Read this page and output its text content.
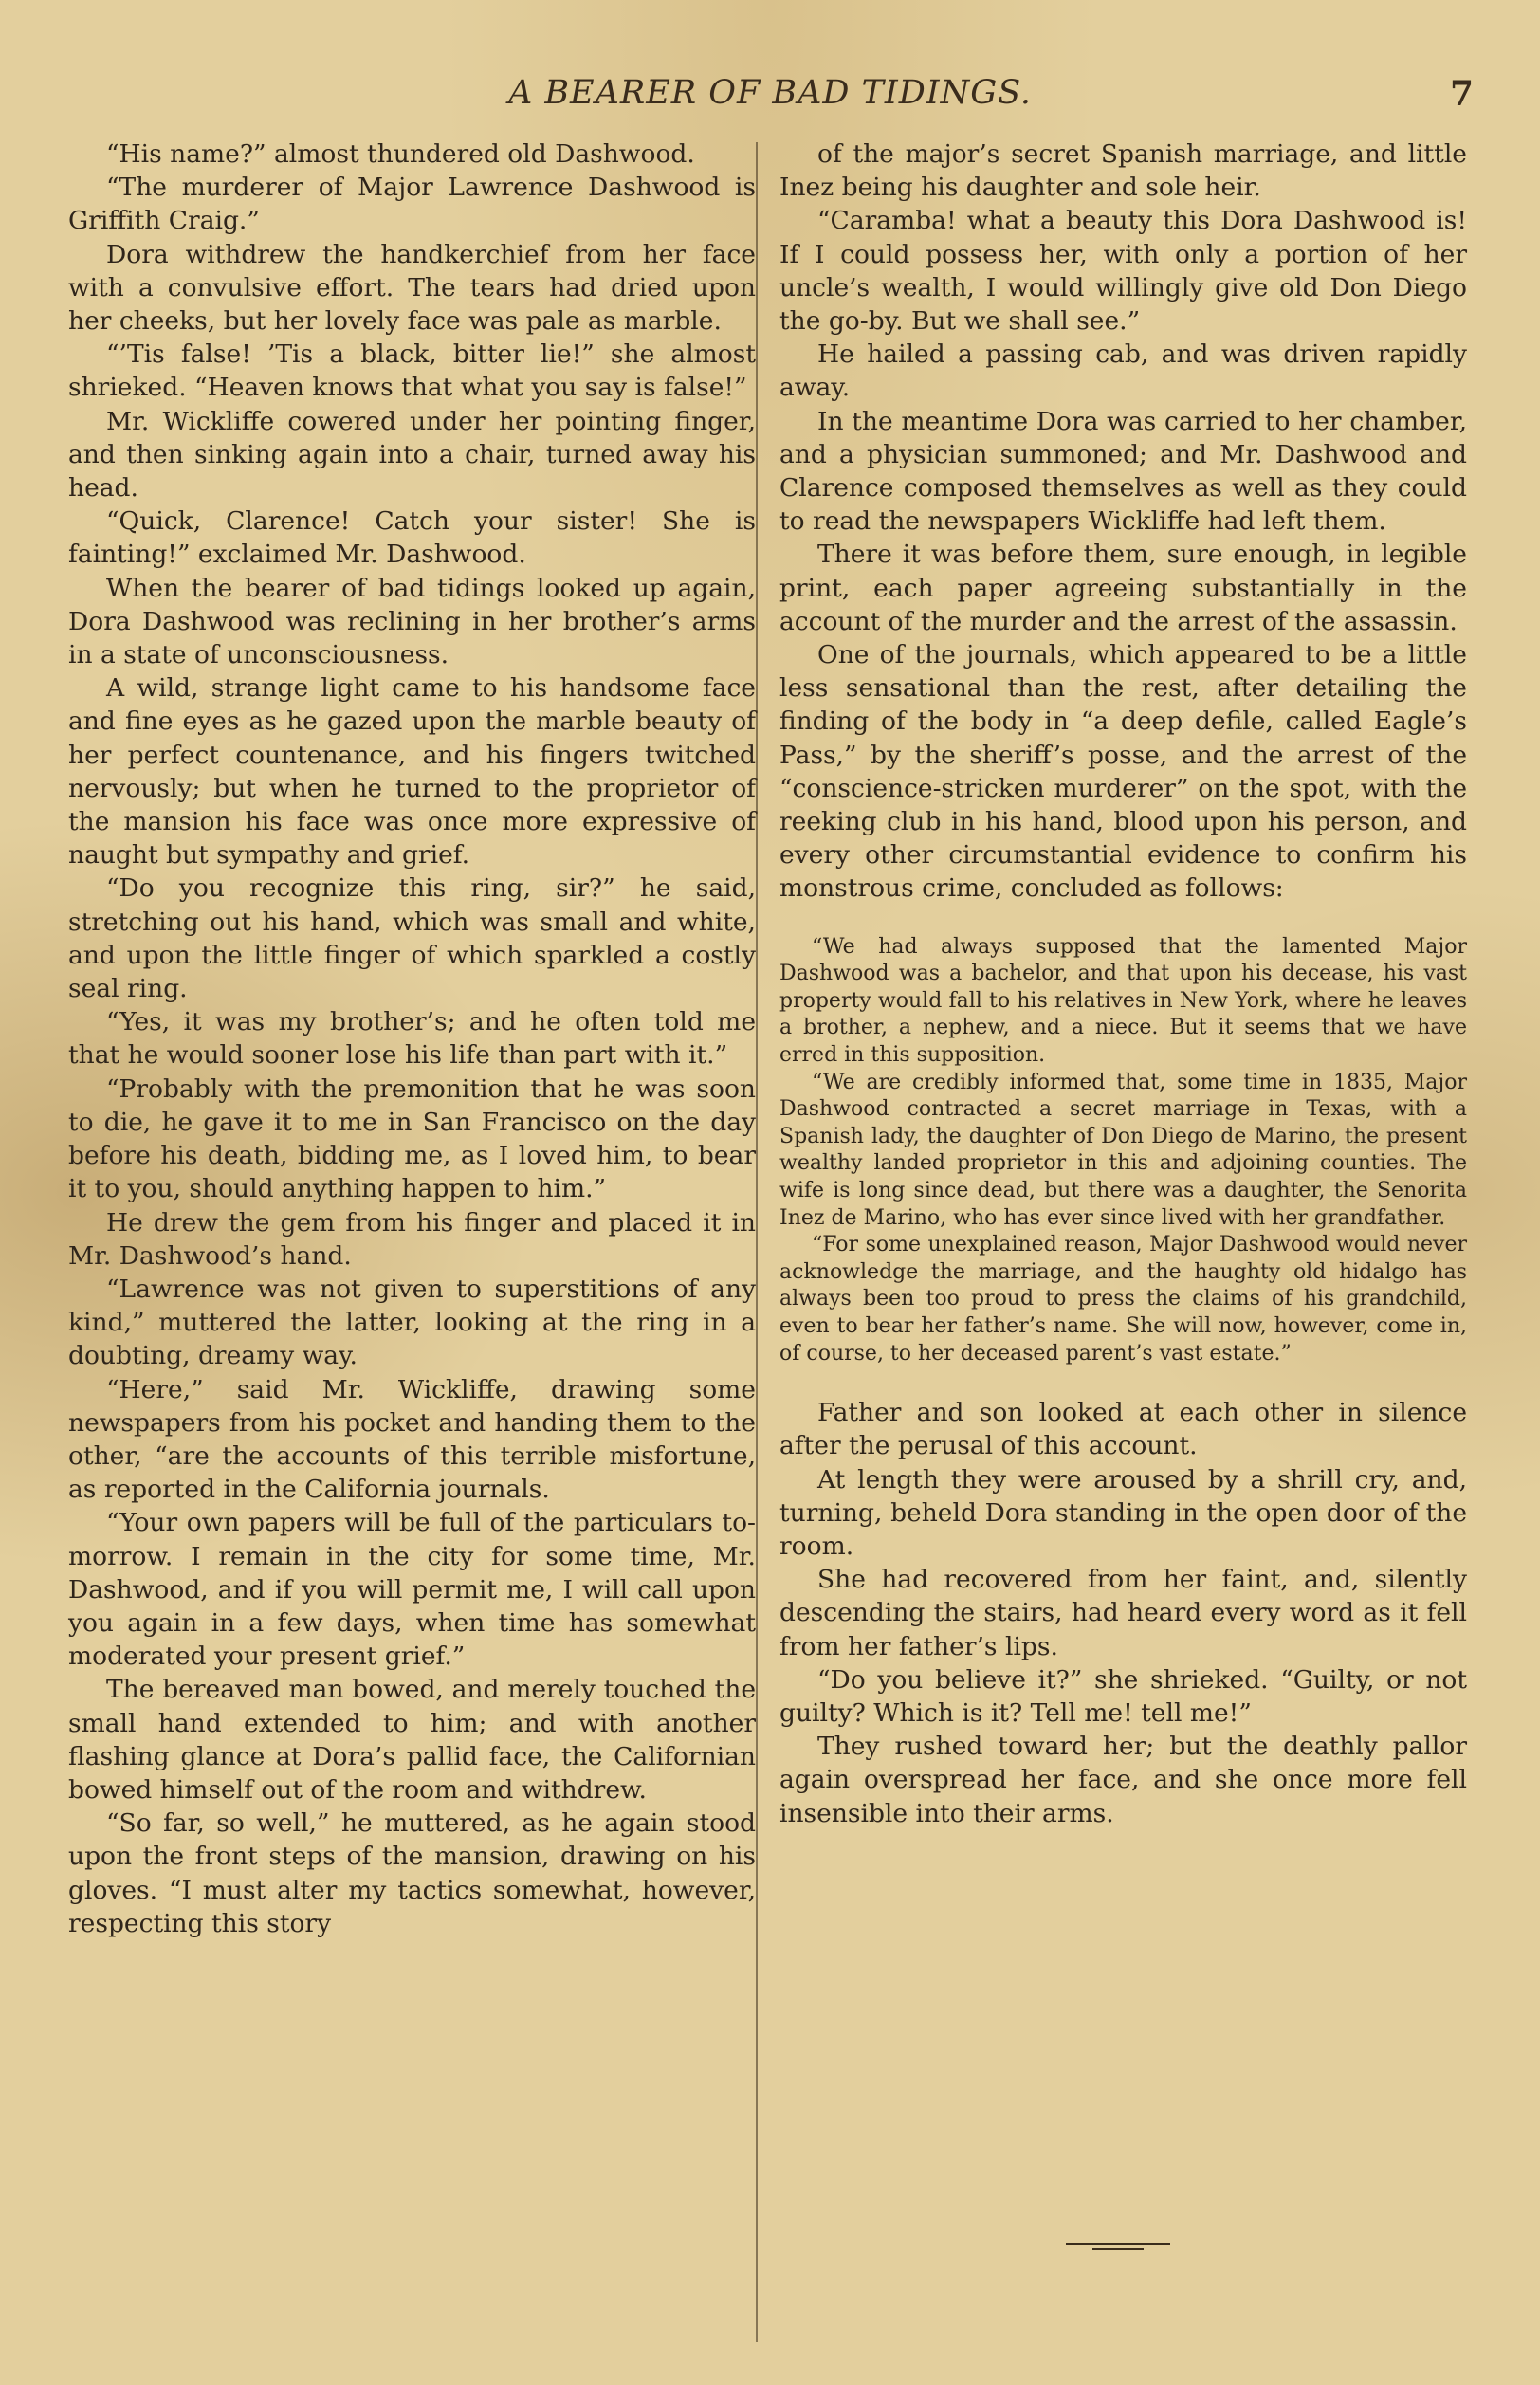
A BEARER OF BAD TIDINGS.	7

“His name?” almost thundered old Dashwood.

“The murderer of Major Lawrence Dashwood is Griffith Craig.”

Dora withdrew the handkerchief from her face with a convulsive effort. The tears had dried upon her cheeks, but her lovely face was pale as marble.

“’Tis false! ’Tis a black, bitter lie!” she almost shrieked. “Heaven knows that what you say is false!”

Mr. Wickliffe cowered under her pointing finger, and then sinking again into a chair, turned away his head.

“Quick, Clarence! Catch your sister! She is fainting!” exclaimed Mr. Dashwood.

When the bearer of bad tidings looked up again, Dora Dashwood was reclining in her brother’s arms in a state of unconsciousness.

A wild, strange light came to his handsome face and fine eyes as he gazed upon the marble beauty of her perfect countenance, and his fingers twitched nervously; but when he turned to the proprietor of the mansion his face was once more expressive of naught but sympathy and grief.

“Do you recognize this ring, sir?” he said, stretching out his hand, which was small and white, and upon the little finger of which sparkled a costly seal ring.

“Yes, it was my brother’s; and he often told me that he would sooner lose his life than part with it.”

“Probably with the premonition that he was soon to die, he gave it to me in San Francisco on the day before his death, bidding me, as I loved him, to bear it to you, should anything happen to him.”

He drew the gem from his finger and placed it in Mr. Dashwood’s hand.

“Lawrence was not given to superstitions of any kind,” muttered the latter, looking at the ring in a doubting, dreamy way.

“Here,” said Mr. Wickliffe, drawing some newspapers from his pocket and handing them to the other, “are the accounts of this terrible misfortune, as reported in the California journals.

“Your own papers will be full of the particulars to-morrow. I remain in the city for some time, Mr. Dashwood, and if you will permit me, I will call upon you again in a few days, when time has somewhat moderated your present grief.”

The bereaved man bowed, and merely touched the small hand extended to him; and with another flashing glance at Dora’s pallid face, the Californian bowed himself out of the room and withdrew.

“So far, so well,” he muttered, as he again stood upon the front steps of the mansion, drawing on his gloves. “I must alter my tactics somewhat, however, respecting this story

of the major’s secret Spanish marriage, and little Inez being his daughter and sole heir.

“Caramba! what a beauty this Dora Dashwood is! If I could possess her, with only a portion of her uncle’s wealth, I would willingly give old Don Diego the go-by. But we shall see.”

He hailed a passing cab, and was driven rapidly away.

In the meantime Dora was carried to her chamber, and a physician summoned; and Mr. Dashwood and Clarence composed themselves as well as they could to read the newspapers Wickliffe had left them.

There it was before them, sure enough, in legible print, each paper agreeing substantially in the account of the murder and the arrest of the assassin.

One of the journals, which appeared to be a little less sensational than the rest, after detailing the finding of the body in “a deep defile, called Eagle’s Pass,” by the sheriff’s posse, and the arrest of the “conscience-stricken murderer” on the spot, with the reeking club in his hand, blood upon his person, and every other circumstantial evidence to confirm his monstrous crime, concluded as follows:

“We had always supposed that the lamented Major Dashwood was a bachelor, and that upon his decease, his vast property would fall to his relatives in New York, where he leaves a brother, a nephew, and a niece. But it seems that we have erred in this supposition.

“We are credibly informed that, some time in 1835, Major Dashwood contracted a secret marriage in Texas, with a Spanish lady, the daughter of Don Diego de Marino, the present wealthy landed proprietor in this and adjoining counties. The wife is long since dead, but there was a daughter, the Senorita Inez de Marino, who has ever since lived with her grandfather.

“For some unexplained reason, Major Dashwood would never acknowledge the marriage, and the haughty old hidalgo has always been too proud to press the claims of his grandchild, even to bear her father’s name. She will now, however, come in, of course, to her deceased parent’s vast estate.”

Father and son looked at each other in silence after the perusal of this account.

At length they were aroused by a shrill cry, and, turning, beheld Dora standing in the open door of the room.

She had recovered from her faint, and, silently descending the stairs, had heard every word as it fell from her father’s lips.

“Do you believe it?” she shrieked. “Guilty, or not guilty? Which is it? Tell me! tell me!”

They rushed toward her; but the deathly pallor again overspread her face, and she once more fell insensible into their arms.
